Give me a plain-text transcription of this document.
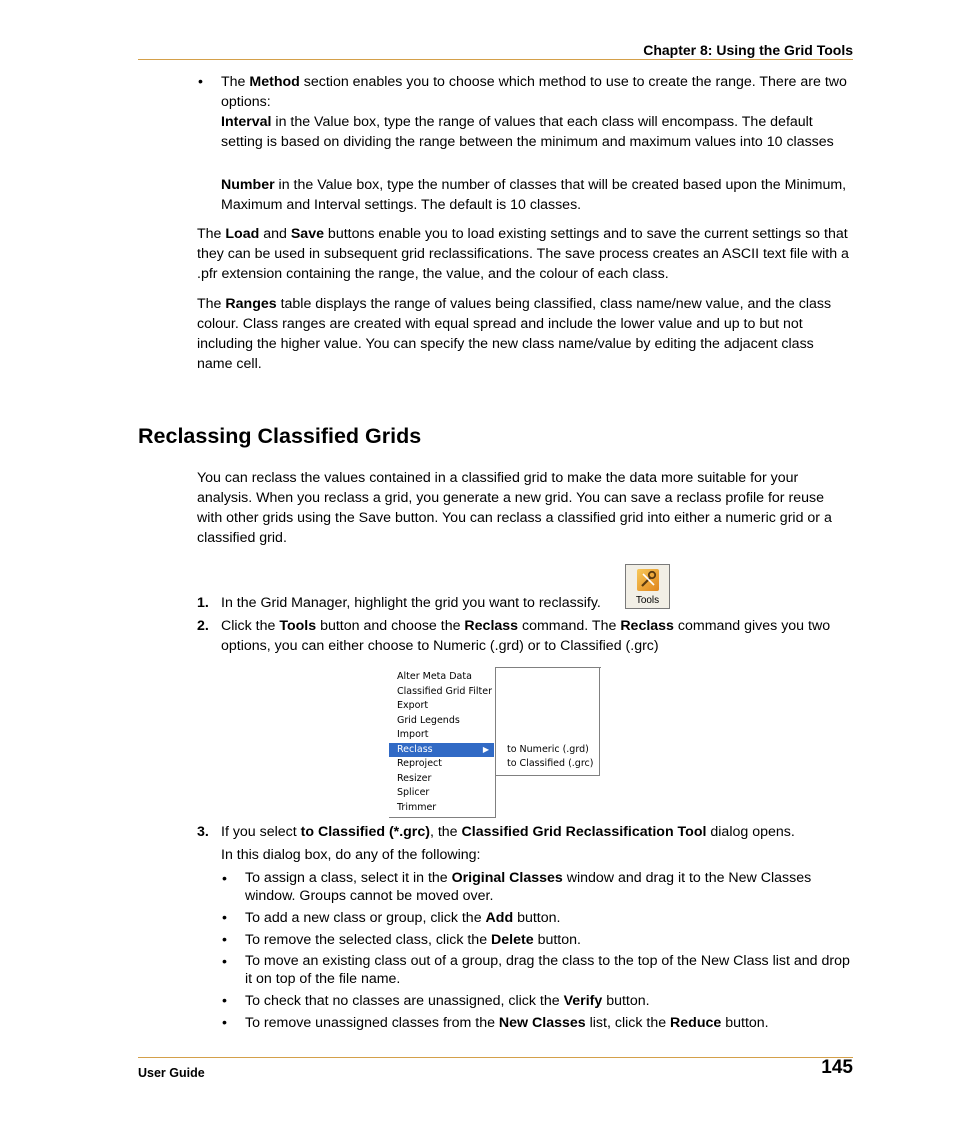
Chapter 8: Using the Grid Tools
•	The Method section enables you to choose which method to use to create the range. There are two options:
Interval in the Value box, type the range of values that each class will encompass. The default setting is based on dividing the range between the minimum and maximum values into 10 classes
Number in the Value box, type the number of classes that will be created based upon the Minimum, Maximum and Interval settings. The default is 10 classes.
The Load and Save buttons enable you to load existing settings and to save the current settings so that they can be used in subsequent grid reclassifications. The save process creates an ASCII text file with a .pfr extension containing the range, the value, and the colour of each class.
The Ranges table displays the range of values being classified, class name/new value, and the class colour. Class ranges are created with equal spread and include the lower value and up to but not including the higher value. You can specify the new class name/value by editing the adjacent class name cell.
Reclassing Classified Grids
You can reclass the values contained in a classified grid to make the data more suitable for your analysis. When you reclass a grid, you generate a new grid. You can save a reclass profile for reuse with other grids using the Save button. You can reclass a classified grid into either a numeric grid or a classified grid.
1. In the Grid Manager, highlight the grid you want to reclassify.	Tools
2. Click the Tools button and choose the Reclass command. The Reclass command gives you two options, you can either choose to Numeric (.grd) or to Classified (.grc)
Alter Meta Data
Classified Grid Filter
Export
Grid Legends
Import
Reclass	▶
Reproject
Resizer
Splicer
Trimmer
to Numeric (.grd)
to Classified (.grc)
3. If you select to Classified (*.grc), the Classified Grid Reclassification Tool dialog opens.
In this dialog box, do any of the following:
•	To assign a class, select it in the Original Classes window and drag it to the New Classes window. Groups cannot be moved over.
•	To add a new class or group, click the Add button.
•	To remove the selected class, click the Delete button.
•	To move an existing class out of a group, drag the class to the top of the New Class list and drop it on top of the file name.
•	To check that no classes are unassigned, click the Verify button.
•	To remove unassigned classes from the New Classes list, click the Reduce button.
User Guide	145
